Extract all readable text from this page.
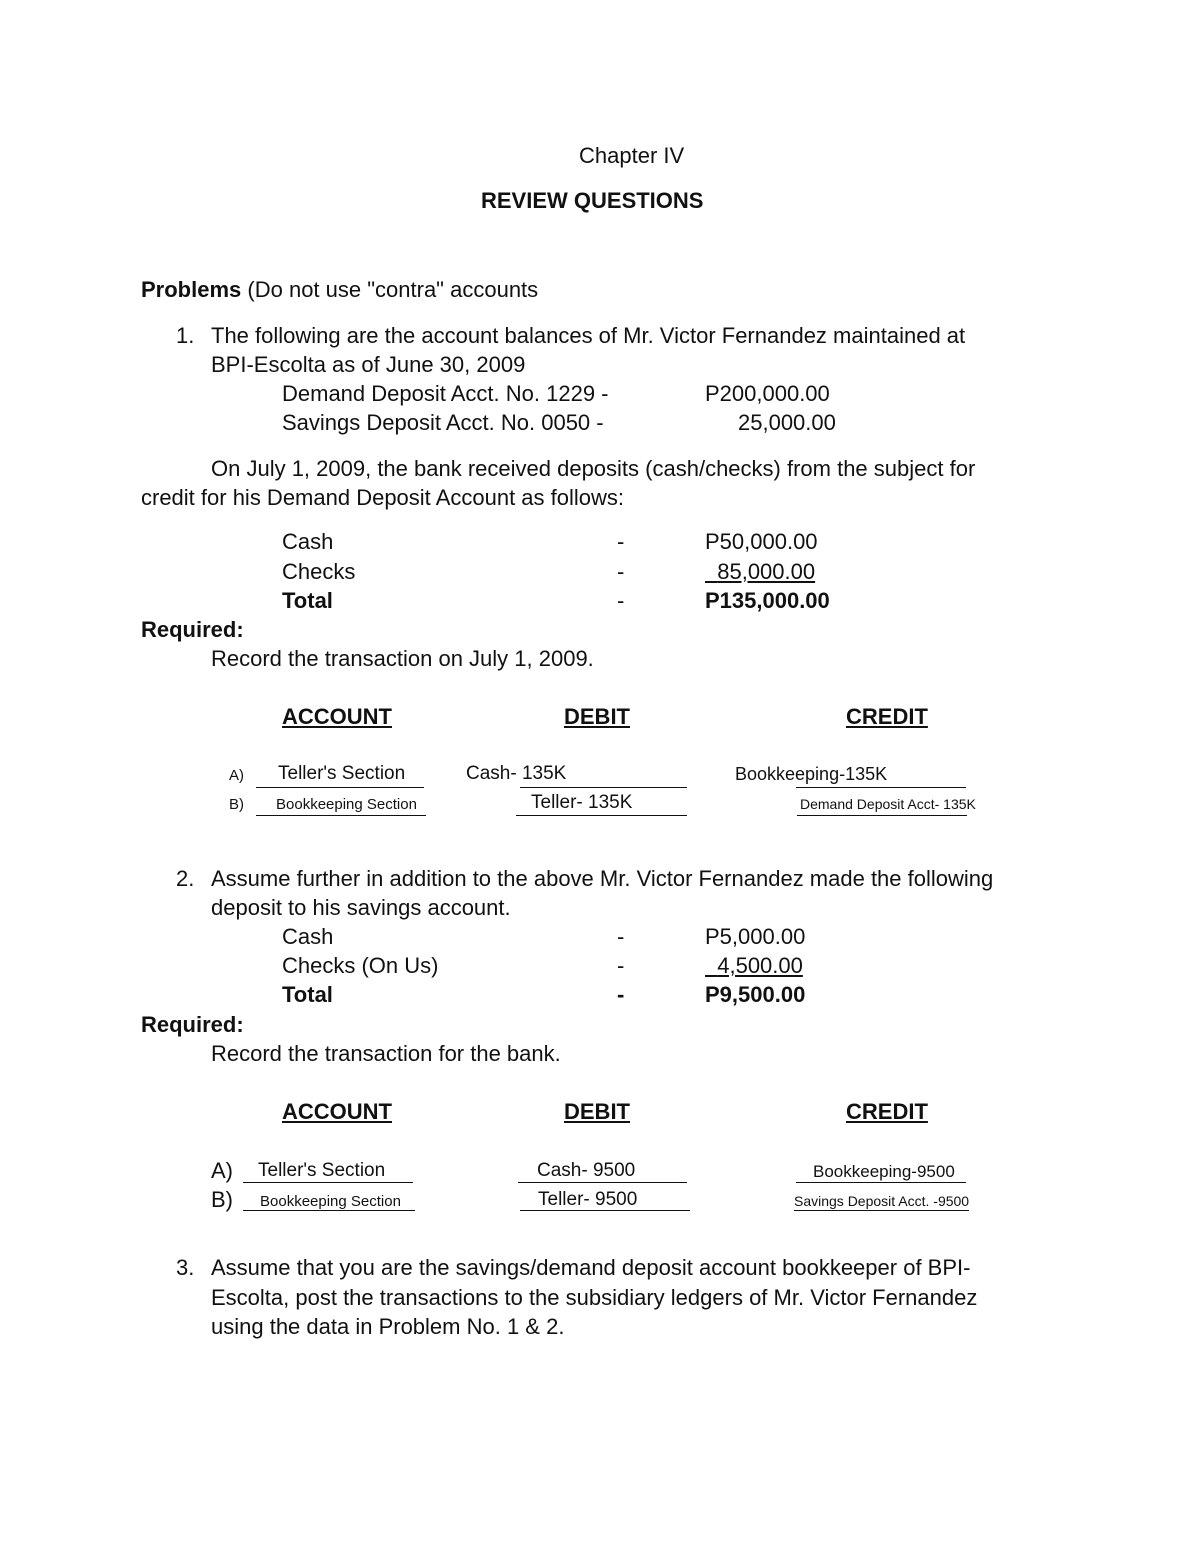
Chapter IV
REVIEW QUESTIONS
Problems (Do not use "contra" accounts
1. The following are the account balances of Mr. Victor Fernandez maintained at
BPI-Escolta as of June 30, 2009
Demand Deposit Acct. No. 1229 -	P200,000.00
Savings Deposit Acct. No. 0050 -	25,000.00
On July 1, 2009, the bank received deposits (cash/checks) from the subject for
credit for his Demand Deposit Account as follows:
Cash	-	P50,000.00
Checks	-	85,000.00
Total	-	P135,000.00
Required:
Record the transaction on July 1, 2009.
ACCOUNT	DEBIT	CREDIT
A) Teller's Section	Cash- 135K	Bookkeeping-135K
B) Bookkeeping Section	Teller- 135K	Demand Deposit Acct- 135K
2. Assume further in addition to the above Mr. Victor Fernandez made the following
deposit to his savings account.
Cash	-	P5,000.00
Checks (On Us)	-	4,500.00
Total	-	P9,500.00
Required:
Record the transaction for the bank.
ACCOUNT	DEBIT	CREDIT
A) Teller's Section	Cash- 9500	Bookkeeping-9500
B) Bookkeeping Section	Teller- 9500	Savings Deposit Acct. -9500
3. Assume that you are the savings/demand deposit account bookkeeper of BPI-
Escolta, post the transactions to the subsidiary ledgers of Mr. Victor Fernandez
using the data in Problem No. 1 & 2.
